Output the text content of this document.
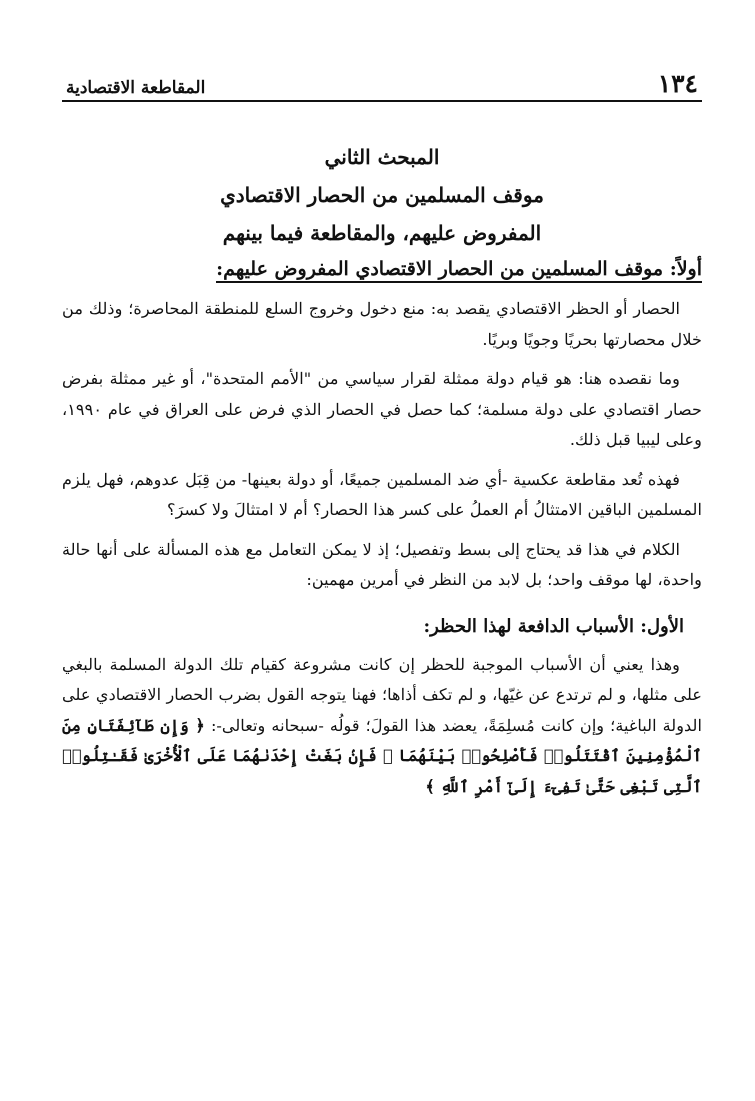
١٣٤
المقاطعة الاقتصادية
المبحث الثاني
موقف المسلمين من الحصار الاقتصادي
المفروض عليهم، والمقاطعة فيما بينهم
أولاً: موقف المسلمين من الحصار الاقتصادي المفروض عليهم:

الحصار أو الحظر الاقتصادي يقصد به: منع دخول وخروج السلع للمنطقة المحاصرة؛ وذلك من خلال محصارتها بحريًا وجويًا وبريًا.

وما نقصده هنا: هو قيام دولة ممثلة لقرار سياسي من "الأمم المتحدة"، أو غير ممثلة بفرض حصار اقتصادي على دولة مسلمة؛ كما حصل في الحصار الذي فرض على العراق في عام ١٩٩٠، وعلى ليبيا قبل ذلك.

فهذه تُعد مقاطعة عكسية -أي ضد المسلمين جميعًا، أو دولة بعينها- من قِبَل عدوهم، فهل يلزم المسلمين الباقين الامتثالُ أم العملُ على كسر هذا الحصار؟ أم لا امتثالَ ولا كسرَ؟

الكلام في هذا قد يحتاج إلى بسط وتفصيل؛ إذ لا يمكن التعامل مع هذه المسألة على أنها حالة واحدة، لها موقف واحد؛ بل لابد من النظر في أمرين مهمين:

الأول: الأسباب الدافعة لهذا الحظر:

وهذا يعني أن الأسباب الموجبة للحظر إن كانت مشروعة كقيام تلك الدولة المسلمة بالبغي على مثلها، و لم ترتدع عن غيّها، و لم تكف أذاها؛ فهنا يتوجه القول بضرب الحصار الاقتصادي على الدولة الباغية؛ وإن كانت مُسلِمَةً، يعضد هذا القولَ؛ قولُه -سبحانه وتعالى-: ﴿ وَإِن طَآئِفَتَانِ مِنَ ٱلْمُؤْمِنِينَ ٱقْتَتَلُوا۟ فَأَصْلِحُوا۟ بَيْنَهُمَا ۖ فَإِنۢ بَغَتْ إِحْدَىٰهُمَا عَلَى ٱلْأُخْرَىٰ فَقَـٰتِلُوا۟ ٱلَّتِى تَبْغِى حَتَّىٰ تَفِىٓءَ إِلَىٰٓ أَمْرِ ٱللَّهِ ﴾
